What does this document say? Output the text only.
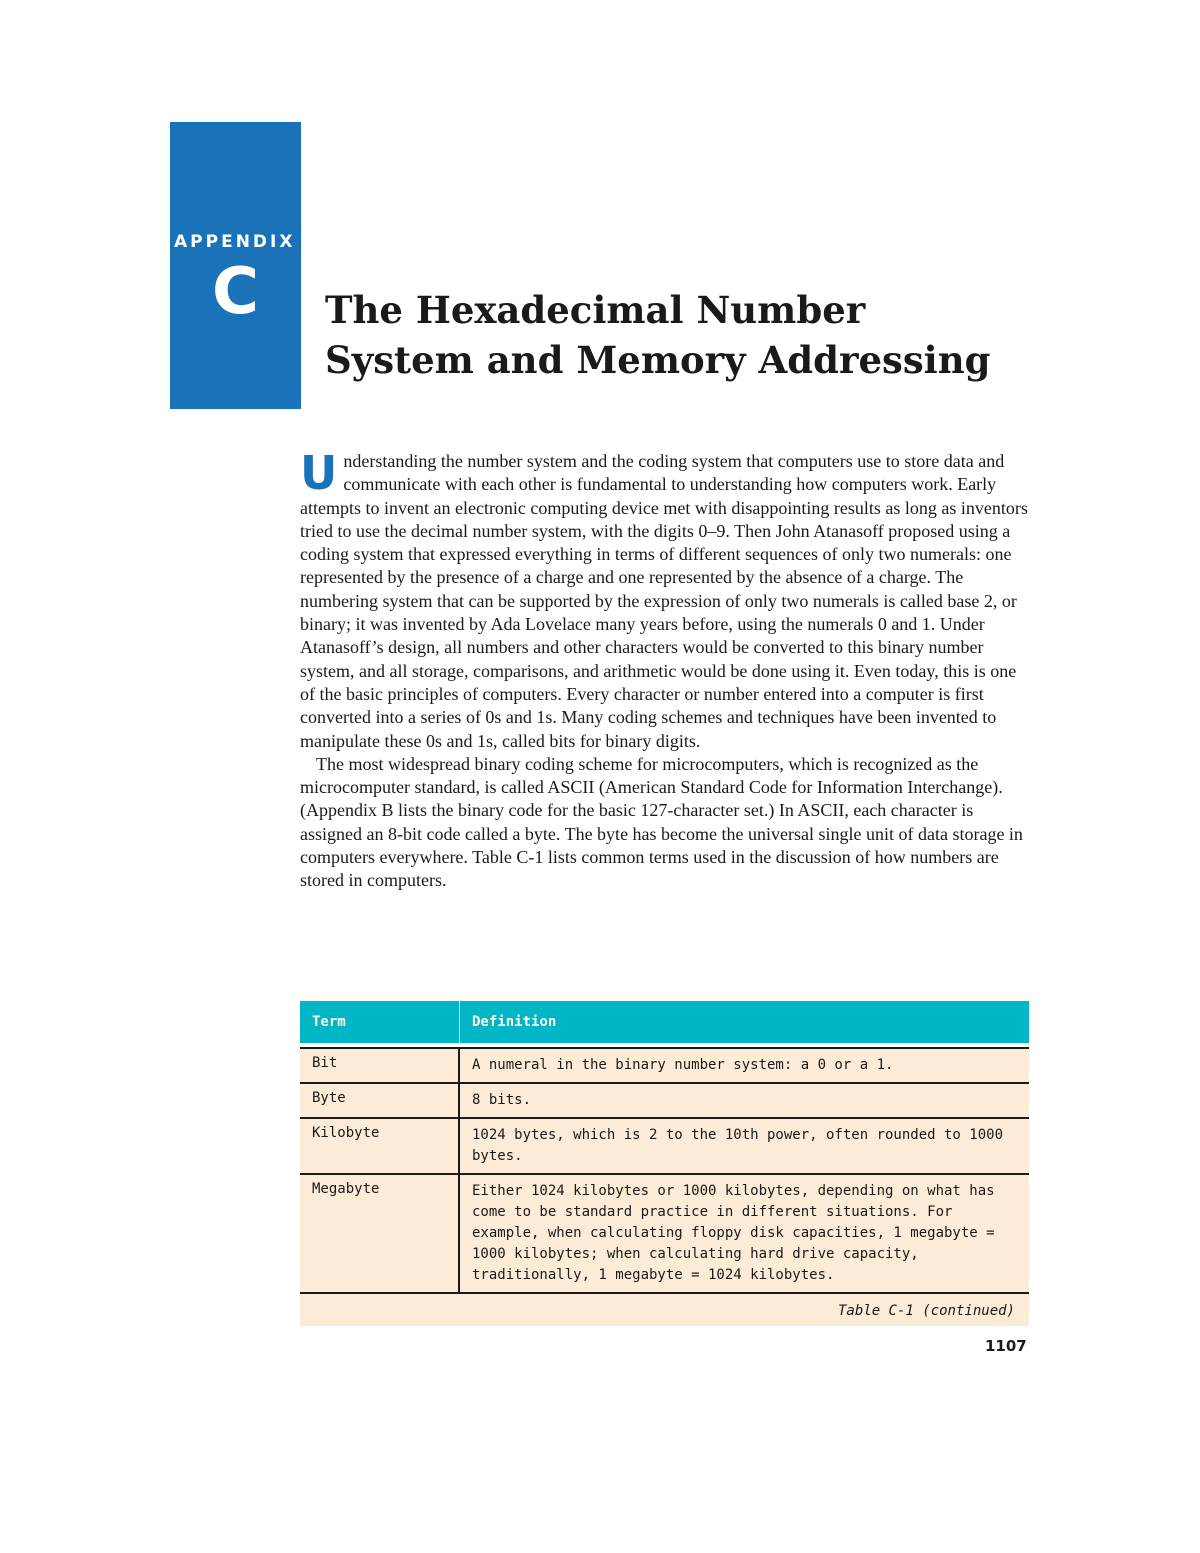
APPENDIX
C The Hexadecimal Number
System and Memory Addressing

Understanding the number system and the coding system that computers use to store data and communicate with each other is fundamental to understanding how computers work. Early attempts to invent an electronic computing device met with disappointing results as long as inventors tried to use the decimal number system, with the digits 0–9. Then John Atanasoff proposed using a coding system that expressed everything in terms of different sequences of only two numerals: one represented by the presence of a charge and one represented by the absence of a charge. The numbering system that can be supported by the expression of only two numerals is called base 2, or binary; it was invented by Ada Lovelace many years before, using the numerals 0 and 1. Under Atanasoff’s design, all numbers and other characters would be converted to this binary number system, and all storage, comparisons, and arithmetic would be done using it. Even today, this is one of the basic principles of computers. Every character or number entered into a computer is first converted into a series of 0s and 1s. Many coding schemes and techniques have been invented to manipulate these 0s and 1s, called bits for binary digits.

The most widespread binary coding scheme for microcomputers, which is recognized as the microcomputer standard, is called ASCII (American Standard Code for Information Interchange). (Appendix B lists the binary code for the basic 127-character set.) In ASCII, each character is assigned an 8-bit code called a byte. The byte has become the universal single unit of data storage in computers everywhere. Table C-1 lists common terms used in the discussion of how numbers are stored in computers.

Term	Definition
Bit	A numeral in the binary number system: a 0 or a 1.
Byte	8 bits.
Kilobyte	1024 bytes, which is 2 to the 10th power, often rounded to 1000 bytes.
Megabyte	Either 1024 kilobytes or 1000 kilobytes, depending on what has come to be standard practice in different situations. For example, when calculating floppy disk capacities, 1 megabyte = 1000 kilobytes; when calculating hard drive capacity, traditionally, 1 megabyte = 1024 kilobytes.
Table C-1 (continued)
1107
